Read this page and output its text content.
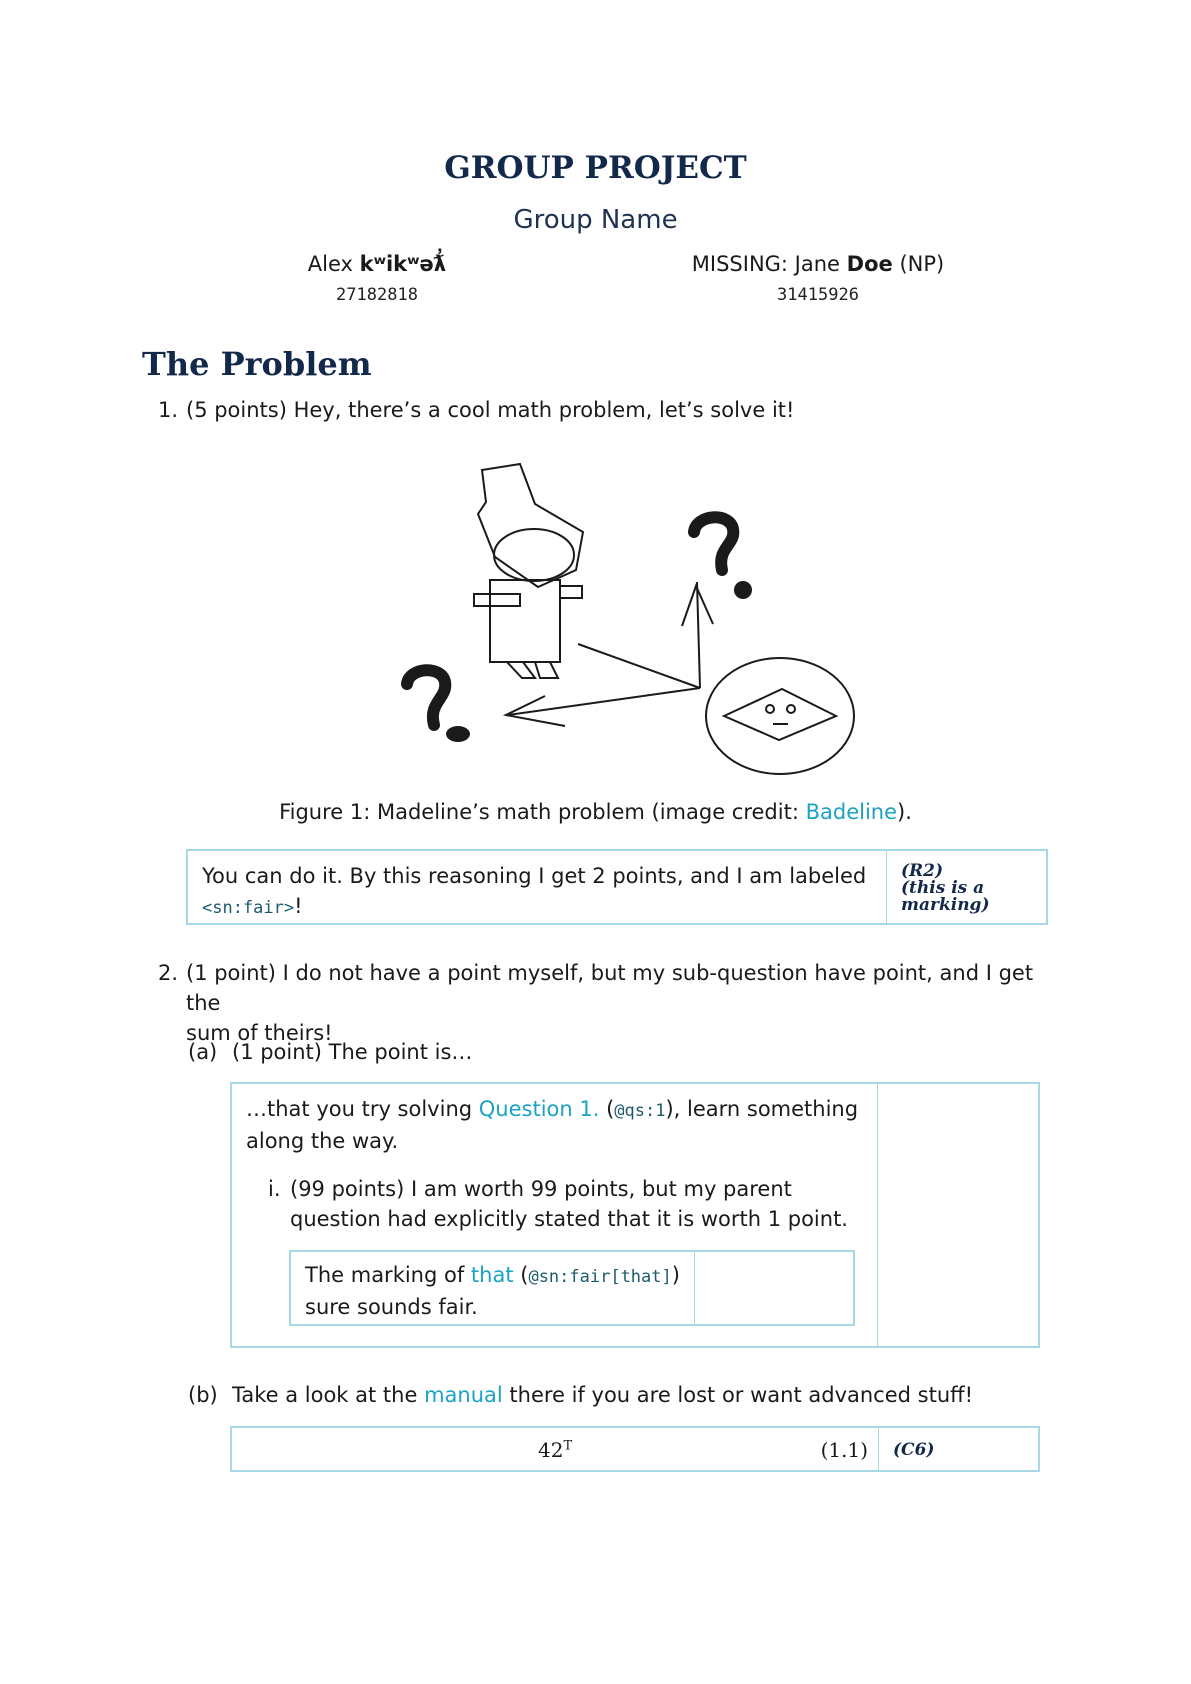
GROUP PROJECT
Group Name
Alex kʷikʷəƛ̓
27182818
MISSING: Jane Doe (NP)
31415926
The Problem
1. (5 points) Hey, there’s a cool math problem, let’s solve it!
Figure 1: Madeline’s math problem (image credit: Badeline).
You can do it. By this reasoning I get 2 points, and I am labeled
<sn:fair>!
(R2)
(this is a
marking)
2. (1 point) I do not have a point myself, but my sub-question have point, and I get the
sum of theirs!
(a) (1 point) The point is…
…that you try solving Question 1. (@qs:1), learn something
along the way.
i. (99 points) I am worth 99 points, but my parent
question had explicitly stated that it is worth 1 point.
The marking of that (@sn:fair[that])
sure sounds fair.
(b) Take a look at the manual there if you are lost or want advanced stuff!
$42^T$	(1.1)	(C6)
